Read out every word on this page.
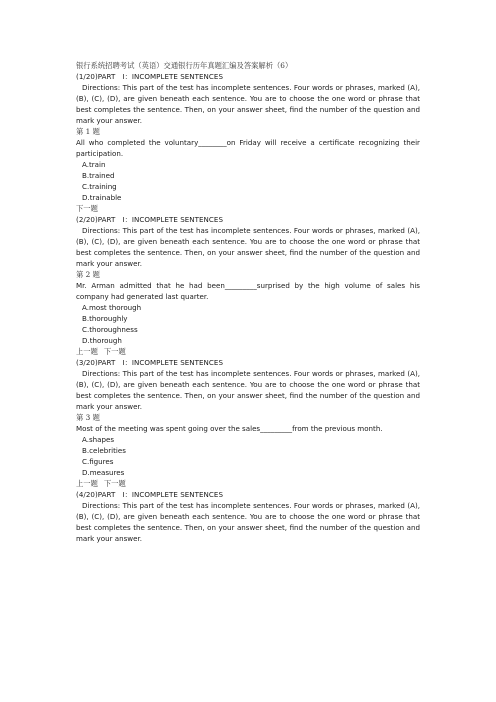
银行系统招聘考试（英语）交通银行历年真题汇编及答案解析（6）

(1/20)PART　Ⅰ：INCOMPLETE SENTENCES

Directions: This part of the test has incomplete sentences. Four words or phrases, marked (A), (B), (C), (D), are given beneath each sentence. You are to choose the one word or phrase that best completes the sentence. Then, on your answer sheet, find the number of the question and mark your answer.

第 1 题

All who completed the voluntary________on Friday will receive a certificate recognizing their participation.

A.train

B.trained

C.training

D.trainable

下一题

(2/20)PART　Ⅰ：INCOMPLETE SENTENCES

Directions: This part of the test has incomplete sentences. Four words or phrases, marked (A), (B), (C), (D), are given beneath each sentence. You are to choose the one word or phrase that best completes the sentence. Then, on your answer sheet, find the number of the question and mark your answer.

第 2 题

Mr. Arman admitted that he had been_________surprised by the high volume of sales his company had generated last quarter.

A.most thorough

B.thoroughly

C.thoroughness

D.thorough

上一题 下一题

(3/20)PART　Ⅰ：INCOMPLETE SENTENCES

Directions: This part of the test has incomplete sentences. Four words or phrases, marked (A), (B), (C), (D), are given beneath each sentence. You are to choose the one word or phrase that best completes the sentence. Then, on your answer sheet, find the number of the question and mark your answer.

第 3 题

Most of the meeting was spent going over the sales_________from the previous month.

A.shapes

B.celebrities

C.figures

D.measures

上一题 下一题

(4/20)PART　Ⅰ：INCOMPLETE SENTENCES

Directions: This part of the test has incomplete sentences. Four words or phrases, marked (A), (B), (C), (D), are given beneath each sentence. You are to choose the one word or phrase that best completes the sentence. Then, on your answer sheet, find the number of the question and mark your answer.
